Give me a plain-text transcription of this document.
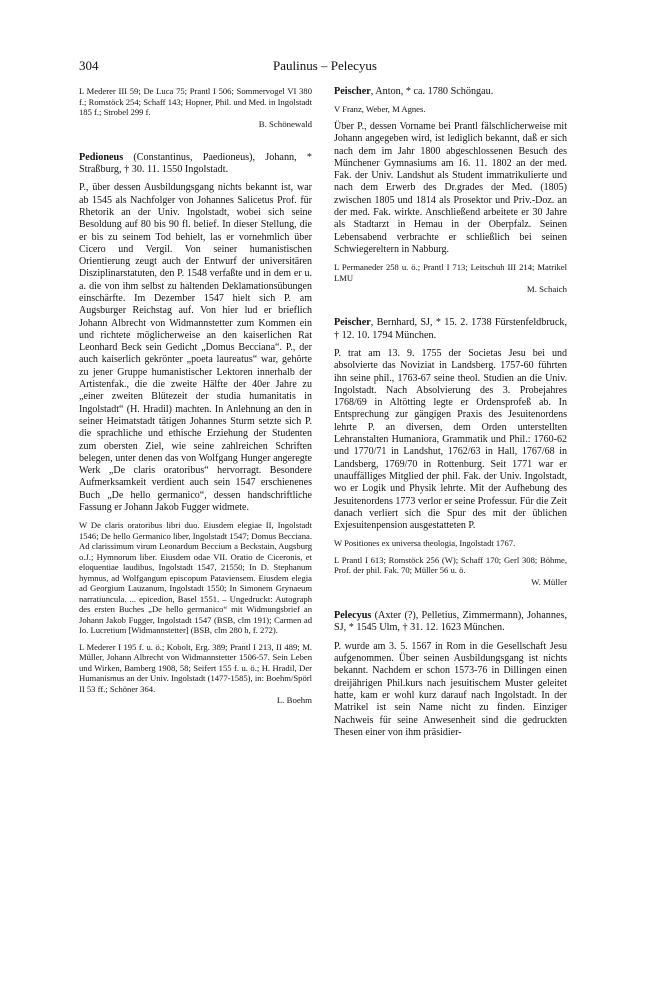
304	Paulinus – Pelecyus

L Mederer III 59; De Luca 75; Prantl I 506; Sommervogel VI 380 f.; Romstöck 254; Schaff 143; Hopner, Phil. und Med. in Ingolstadt 185 f.; Strobel 299 f.

B. Schönewald

Pedioneus (Constantinus, Paedioneus), Johann, * Straßburg, † 30. 11. 1550 Ingolstadt.

P., über dessen Ausbildungsgang nichts bekannt ist, war ab 1545 als Nachfolger von Johannes Salicetus Prof. für Rhetorik an der Univ. Ingolstadt, wobei sich seine Besoldung auf 80 bis 90 fl. belief. In dieser Stellung, die er bis zu seinem Tod behielt, las er vornehmlich über Cicero und Vergil. Von seiner humanistischen Orientierung zeugt auch der Entwurf der universitären Disziplinarstatuten, den P. 1548 verfaßte und in dem er u. a. die von ihm selbst zu haltenden Deklamationsübungen einschärfte. Im Dezember 1547 hielt sich P. am Augsburger Reichstag auf. Von hier lud er brieflich Johann Albrecht von Widmannstetter zum Kommen ein und richtete möglicherweise an den kaiserlichen Rat Leonhard Beck sein Gedicht „Domus Becciana“. P., der auch kaiserlich gekrönter „poeta laureatus“ war, gehörte zu jener Gruppe humanistischer Lektoren innerhalb der Artistenfak., die die zweite Hälfte der 40er Jahre zu „einer zweiten Blütezeit der studia humanitatis in Ingolstadt“ (H. Hradil) machten. In Anlehnung an den in seiner Heimatstadt tätigen Johannes Sturm setzte sich P. die sprachliche und ethische Erziehung der Studenten zum obersten Ziel, wie seine zahlreichen Schriften belegen, unter denen das von Wolfgang Hunger angeregte Werk „De claris oratoribus“ hervorragt. Besondere Aufmerksamkeit verdient auch sein 1547 erschienenes Buch „De hello germanico“, dessen handschriftliche Fassung er Johann Jakob Fugger widmete.

W De claris oratoribus libri duo. Eiusdem elegiae II, Ingolstadt 1546; De hello Germanico liber, Ingolstadt 1547; Domus Becciana. Ad clarissimum virum Leonardum Beccium a Beckstain, Augsburg o.J.; Hymnorum liber. Eiusdem odae VII. Oratio de Ciceronis, et eloquentiae laudibus, Ingolstadt 1547, 21550; In D. Stephanum hymnus, ad Wolfgangum episcopum Pataviensem. Eiusdem elegia ad Georgium Lauzanum, Ingolstadt 1550; In Simonem Grynaeum narratiuncula. ... epicedion, Basel 1551. – Ungedruckt: Autograph des ersten Buches „De hello germanico“ mit Widmungsbrief an Johann Jakob Fugger, Ingolstadt 1547 (BSB, clm 191); Carmen ad Io. Lucretium [Widmannstetter] (BSB, clm 280 h, f. 272).

L Mederer I 195 f. u. ö.; Kobolt, Erg. 389; Prantl I 213, II 489; M. Müller, Johann Albrecht von Widmannstetter 1506-57. Sein Leben und Wirken, Bamberg 1908, 58; Seifert 155 f. u. ö.; H. Hradil, Der Humanismus an der Univ. Ingolstadt (1477-1585), in: Boehm/Spörl II 53 ff.; Schöner 364.

L. Boehm

Peischer, Anton, * ca. 1780 Schöngau.

V Franz, Weber, M Agnes.

Über P., dessen Vorname bei Prantl fälschlicherweise mit Johann angegeben wird, ist lediglich bekannt, daß er sich nach dem im Jahr 1800 abgeschlossenen Besuch des Münchener Gymnasiums am 16. 11. 1802 an der med. Fak. der Univ. Landshut als Student immatrikulierte und nach dem Erwerb des Dr.grades der Med. (1805) zwischen 1805 und 1814 als Prosektor und Priv.-Doz. an der med. Fak. wirkte. Anschließend arbeitete er 30 Jahre als Stadtarzt in Hemau in der Oberpfalz. Seinen Lebensabend verbrachte er schließlich bei seinen Schwiegereltern in Nabburg.

L Permaneder 258 u. ö.; Prantl I 713; Leitschuh III 214; Matrikel LMU

M. Schaich

Peischer, Bernhard, SJ, * 15. 2. 1738 Fürstenfeldbruck, † 12. 10. 1794 München.

P. trat am 13. 9. 1755 der Societas Jesu bei und absolvierte das Noviziat in Landsberg. 1757-60 führten ihn seine phil., 1763-67 seine theol. Studien an die Univ. Ingolstadt. Nach Absolvierung des 3. Probejahres 1768/69 in Altötting legte er Ordensprofeß ab. In Entsprechung zur gängigen Praxis des Jesuitenordens lehrte P. an diversen, dem Orden unterstellten Lehranstalten Humaniora, Grammatik und Phil.: 1760-62 und 1770/71 in Landshut, 1762/63 in Hall, 1767/68 in Landsberg, 1769/70 in Rottenburg. Seit 1771 war er unauffälliges Mitglied der phil. Fak. der Univ. Ingolstadt, wo er Logik und Physik lehrte. Mit der Aufhebung des Jesuitenordens 1773 verlor er seine Professur. Für die Zeit danach verliert sich die Spur des mit der üblichen Exjesuitenpension ausgestatteten P.

W Positiones ex universa theologia, Ingolstadt 1767.

L Prantl I 613; Romstöck 256 (W); Schaff 170; Gerl 308; Böhme, Prof. der phil. Fak. 70; Müller 56 u. ö.

W. Müller

Pelecyus (Axter (?), Pelletius, Zimmermann), Johannes, SJ, * 1545 Ulm, † 31. 12. 1623 München.

P. wurde am 3. 5. 1567 in Rom in die Gesellschaft Jesu aufgenommen. Über seinen Ausbildungsgang ist nichts bekannt. Nachdem er schon 1573-76 in Dillingen einen dreijährigen Phil.kurs nach jesuitischem Muster geleitet hatte, kam er wohl kurz darauf nach Ingolstadt. In der Matrikel ist sein Name nicht zu finden. Einziger Nachweis für seine Anwesenheit sind die gedruckten Thesen einer von ihm präsidier-
